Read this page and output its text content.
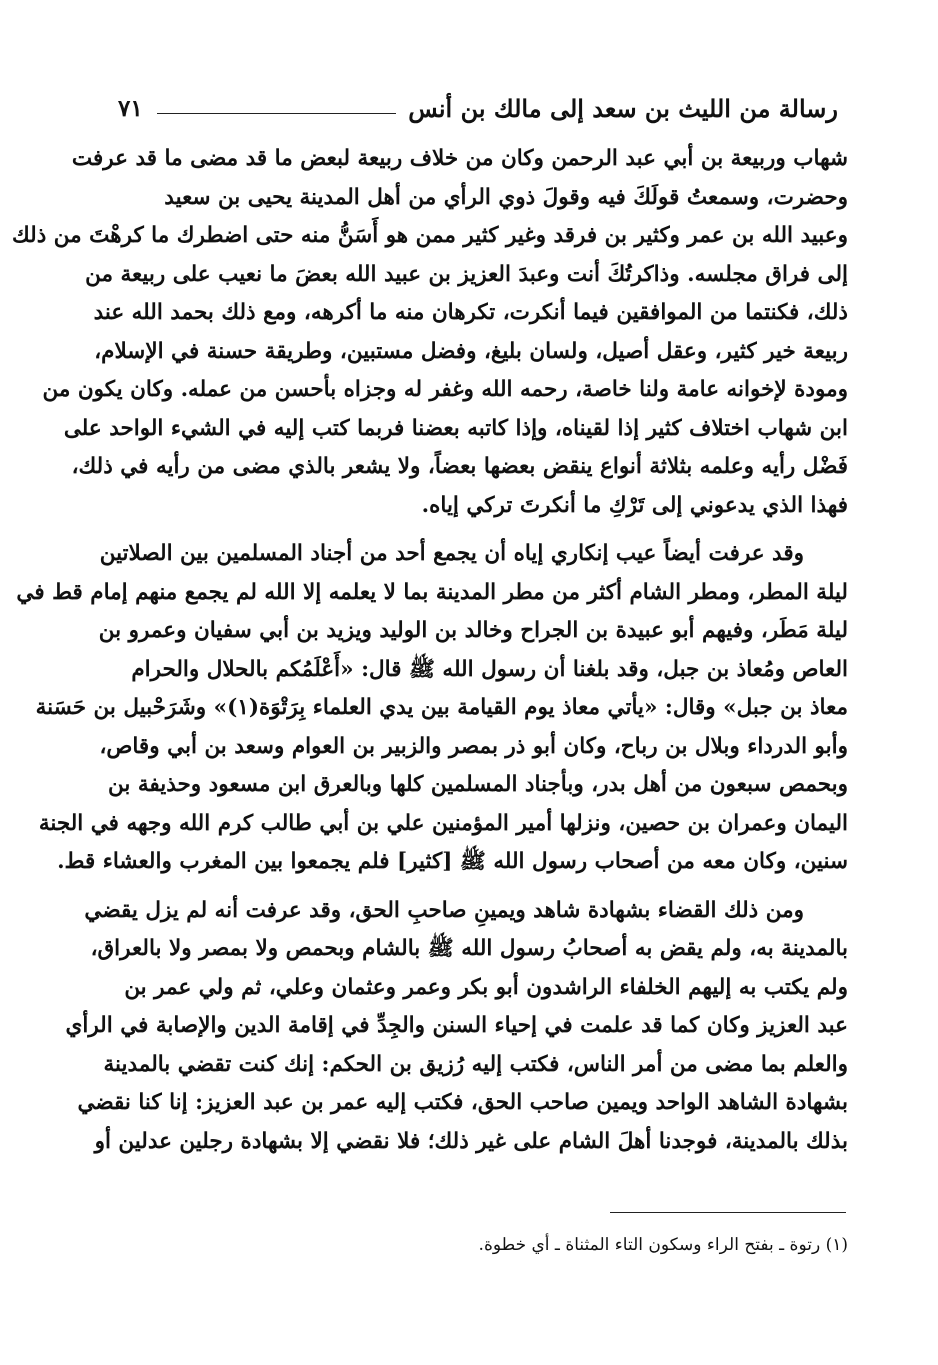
رسالة من الليث بن سعد إلى مالك بن أنس
٧١
شهاب وربيعة بن أبي عبد الرحمن وكان من خلاف ربيعة لبعض ما قد مضى ما قد عرفت
وحضرت، وسمعتُ قولَكَ فيه وقولَ ذوي الرأي من أهل المدينة يحيى بن سعيد
وعبيد الله بن عمر وكثير بن فرقد وغير كثير ممن هو أَسَنُّ منه حتى اضطرك ما كرهْتَ من ذلك
إلى فراق مجلسه. وذاكرتُكَ أنت وعبدَ العزيز بن عبيد الله بعضَ ما نعيب على ربيعة من
ذلك، فكنتما من الموافقين فيما أنكرت، تكرهان منه ما أكرهه، ومع ذلك بحمد الله عند
ربيعة خير كثير، وعقل أصيل، ولسان بليغ، وفضل مستبين، وطريقة حسنة في الإسلام،
ومودة لإخوانه عامة ولنا خاصة، رحمه الله وغفر له وجزاه بأحسن من عمله. وكان يكون من
ابن شهاب اختلاف كثير إذا لقيناه، وإذا كاتبه بعضنا فربما كتب إليه في الشيء الواحد على
فَضْل رأيه وعلمه بثلاثة أنواع ينقض بعضها بعضاً، ولا يشعر بالذي مضى من رأيه في ذلك،
فهذا الذي يدعوني إلى تَرْكِ ما أنكرتَ تركي إياه.
وقد عرفت أيضاً عيب إنكاري إياه أن يجمع أحد من أجناد المسلمين بين الصلاتين
ليلة المطر، ومطر الشام أكثر من مطر المدينة بما لا يعلمه إلا الله لم يجمع منهم إمام قط في
ليلة مَطَر، وفيهم أبو عبيدة بن الجراح وخالد بن الوليد ويزيد بن أبي سفيان وعمرو بن
العاص ومُعاذ بن جبل، وقد بلغنا أن رسول الله ﷺ قال: «أَعْلَمُكم بالحلال والحرام
معاذ بن جبل» وقال: «يأتي معاذ يوم القيامة بين يدي العلماء بِرَتْوَة(١)» وشَرَحْبيل بن حَسَنة
وأبو الدرداء وبلال بن رباح، وكان أبو ذر بمصر والزبير بن العوام وسعد بن أبي وقاص،
وبحمص سبعون من أهل بدر، وبأجناد المسلمين كلها وبالعرق ابن مسعود وحذيفة بن
اليمان وعمران بن حصين، ونزلها أمير المؤمنين علي بن أبي طالب كرم الله وجهه في الجنة
سنين، وكان معه من أصحاب رسول الله ﷺ [كثير] فلم يجمعوا بين المغرب والعشاء قط.
ومن ذلك القضاء بشهادة شاهد ويمينِ صاحبِ الحق، وقد عرفت أنه لم يزل يقضي
بالمدينة به، ولم يقض به أصحابُ رسول الله ﷺ بالشام وبحمص ولا بمصر ولا بالعراق،
ولم يكتب به إليهم الخلفاء الراشدون أبو بكر وعمر وعثمان وعلي، ثم ولي عمر بن
عبد العزيز وكان كما قد علمت في إحياء السنن والجِدِّ في إقامة الدين والإصابة في الرأي
والعلم بما مضى من أمر الناس، فكتب إليه رُزيق بن الحكم: إنك كنت تقضي بالمدينة
بشهادة الشاهد الواحد ويمين صاحب الحق، فكتب إليه عمر بن عبد العزيز: إنا كنا نقضي
بذلك بالمدينة، فوجدنا أهلَ الشام على غير ذلك؛ فلا نقضي إلا بشهادة رجلين عدلين أو
(١) رتوة ـ بفتح الراء وسكون التاء المثناة ـ أي خطوة.
